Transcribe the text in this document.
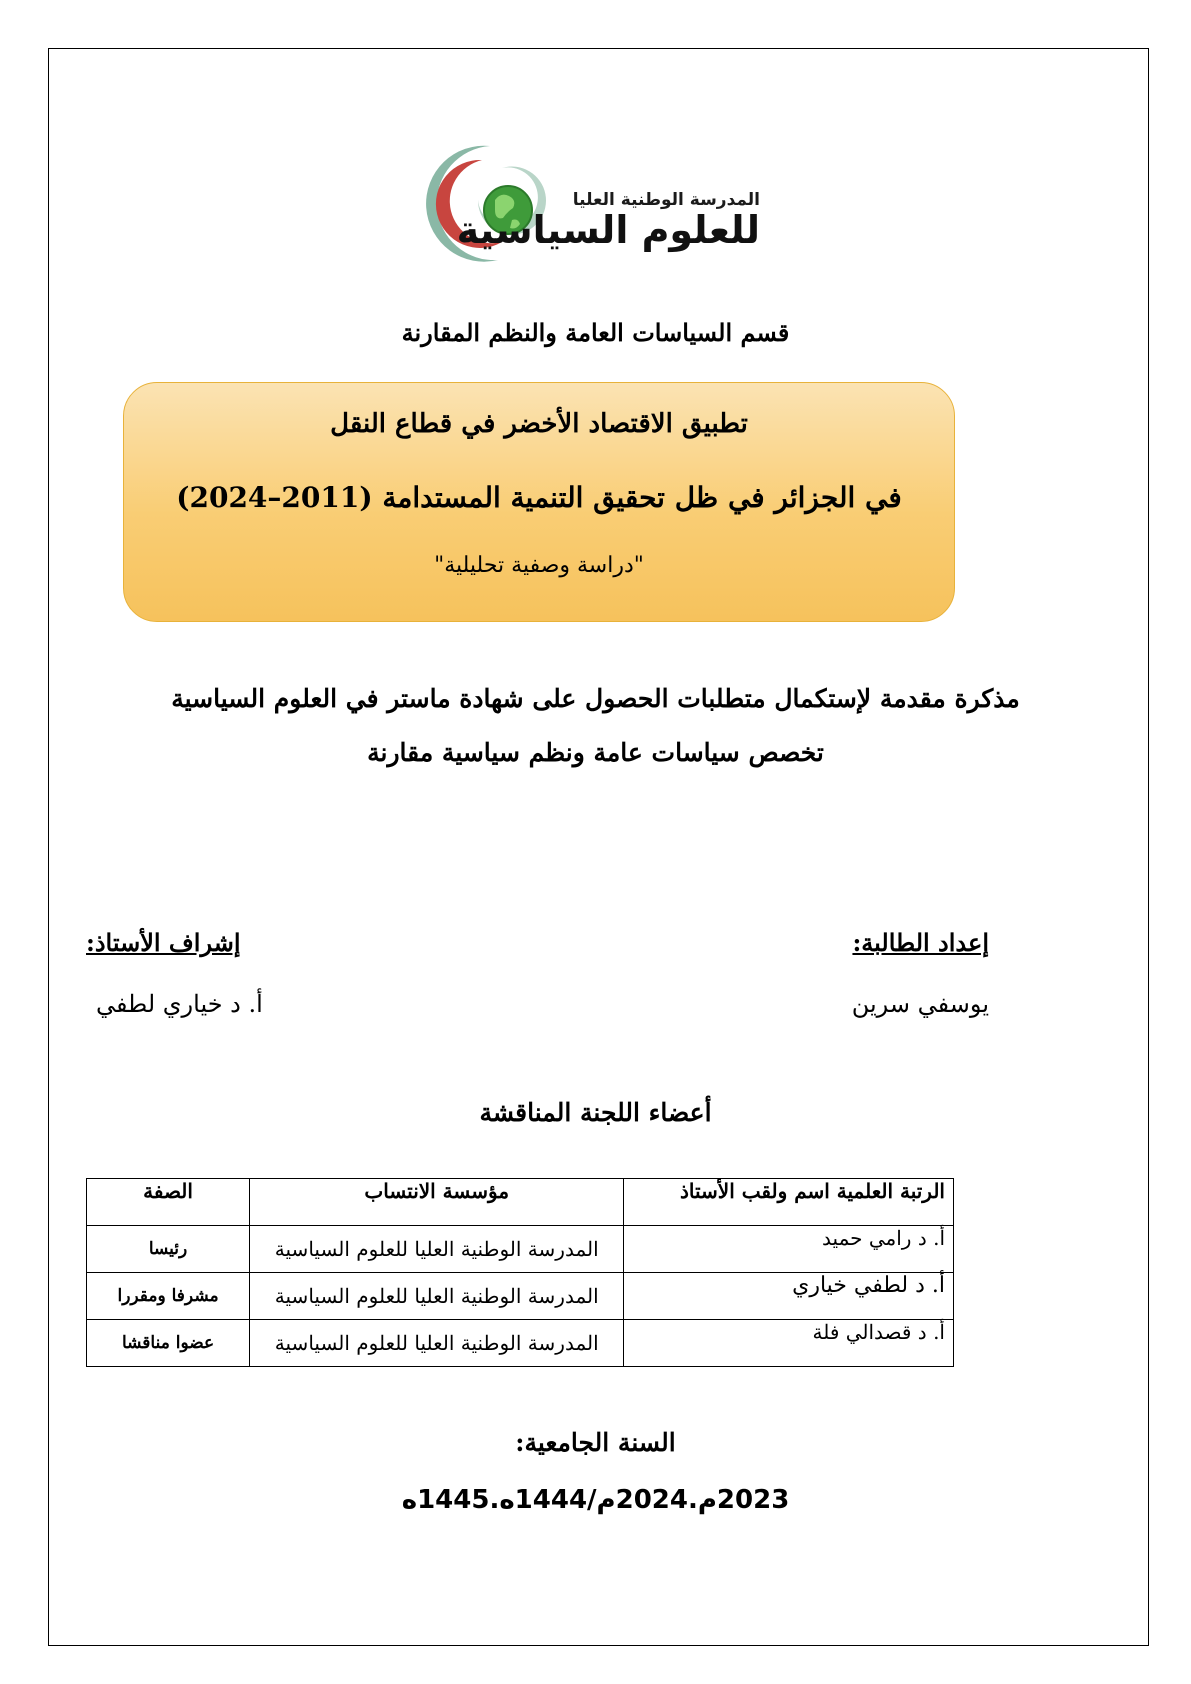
المدرسة الوطنية العليا
للعلوم السياسية
قسم السياسات العامة والنظم المقارنة
تطبيق الاقتصاد الأخضر في قطاع النقل
في الجزائر في ظل تحقيق التنمية المستدامة (2011–2024)
"دراسة وصفية تحليلية"
مذكرة مقدمة لإستكمال متطلبات الحصول على شهادة ماستر في العلوم السياسية
تخصص سياسات عامة ونظم سياسية مقارنة
إعداد الطالبة:
يوسفي سرين
إشراف الأستاذ:
أ. د خياري لطفي
أعضاء اللجنة المناقشة
الرتبة العلمية اسم ولقب الأستاذ	مؤسسة الانتساب	الصفة
أ. د رامي حميد	المدرسة الوطنية العليا للعلوم السياسية	رئيسا
أ. د لطفي خياري	المدرسة الوطنية العليا للعلوم السياسية	مشرفا ومقررا
أ. د قصدالي فلة	المدرسة الوطنية العليا للعلوم السياسية	عضوا مناقشا
السنة الجامعية:
2023م.2024م/1444ه.1445ه
